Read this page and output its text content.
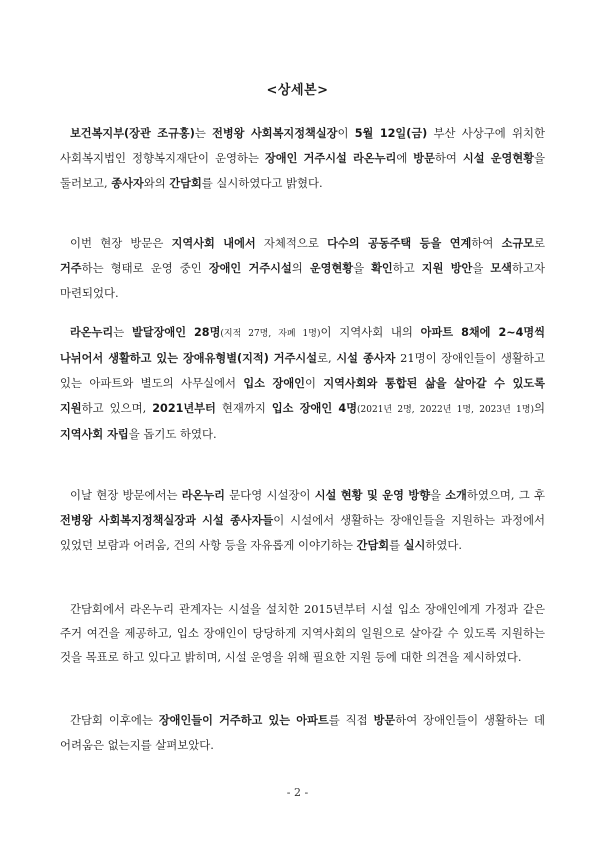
<상세본>

보건복지부(장관 조규홍)는 전병왕 사회복지정책실장이 5월 12일(금) 부산 사상구에 위치한 사회복지법인 정향복지재단이 운영하는 장애인 거주시설 라온누리에 방문하여 시설 운영현황을 둘러보고, 종사자와의 간담회를 실시하였다고 밝혔다.

이번 현장 방문은 지역사회 내에서 자체적으로 다수의 공동주택 등을 연계하여 소규모로 거주하는 형태로 운영 중인 장애인 거주시설의 운영현황을 확인하고 지원 방안을 모색하고자 마련되었다.

라온누리는 발달장애인 28명(지적 27명, 자폐 1명)이 지역사회 내의 아파트 8채에 2~4명씩 나뉘어서 생활하고 있는 장애유형별(지적) 거주시설로, 시설 종사자 21명이 장애인들이 생활하고 있는 아파트와 별도의 사무실에서 입소 장애인이 지역사회와 통합된 삶을 살아갈 수 있도록 지원하고 있으며, 2021년부터 현재까지 입소 장애인 4명(2021년 2명, 2022년 1명, 2023년 1명)의 지역사회 자립을 돕기도 하였다.

이날 현장 방문에서는 라온누리 문다영 시설장이 시설 현황 및 운영 방향을 소개하였으며, 그 후 전병왕 사회복지정책실장과 시설 종사자들이 시설에서 생활하는 장애인들을 지원하는 과정에서 있었던 보람과 어려움, 건의 사항 등을 자유롭게 이야기하는 간담회를 실시하였다.

간담회에서 라온누리 관계자는 시설을 설치한 2015년부터 시설 입소 장애인에게 가정과 같은 주거 여건을 제공하고, 입소 장애인이 당당하게 지역사회의 일원으로 살아갈 수 있도록 지원하는 것을 목표로 하고 있다고 밝히며, 시설 운영을 위해 필요한 지원 등에 대한 의견을 제시하였다.

간담회 이후에는 장애인들이 거주하고 있는 아파트를 직접 방문하여 장애인들이 생활하는 데 어려움은 없는지를 살펴보았다.

- 2 -
